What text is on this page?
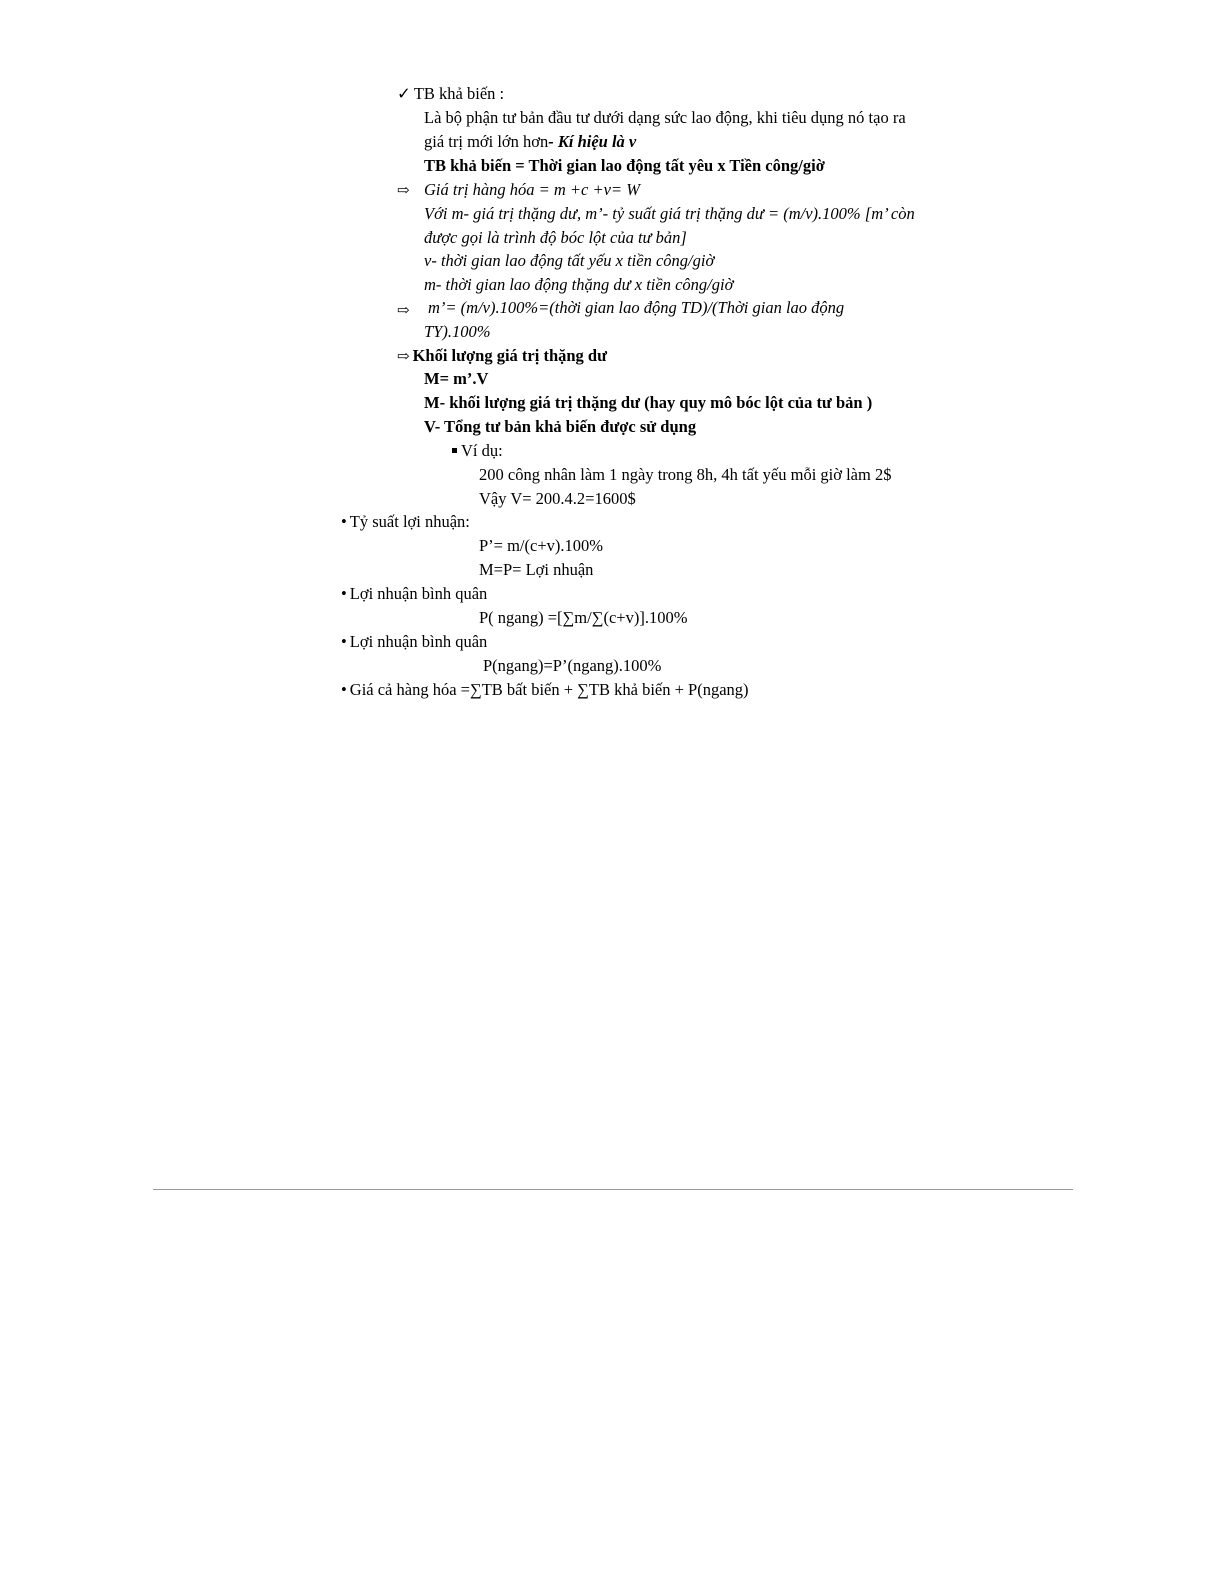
✓ TB khả biến :
Là bộ phận tư bản đầu tư dưới dạng sức lao động, khi tiêu dụng nó tạo ra
giá trị mới lớn hơn- Kí hiệu là v
TB khả biến = Thời gian lao động tất yêu x Tiền công/giờ
⇨ Giá trị hàng hóa = m +c +v= W
Với m- giá trị thặng dư, m’- tỷ suất giá trị thặng dư = (m/v).100% [m’ còn
được gọi là trình độ bóc lột của tư bản]
v- thời gian lao động tất yếu x tiền công/giờ
m- thời gian lao động thặng dư x tiền công/giờ
⇨ m’= (m/v).100%=(thời gian lao động TD)/(Thời gian lao động
TY).100%
⇨ Khối lượng giá trị thặng dư
M= m’.V
M- khối lượng giá trị thặng dư (hay quy mô bóc lột của tư bản )
V- Tổng tư bản khả biến được sử dụng
Ví dụ:
200 công nhân làm 1 ngày trong 8h, 4h tất yếu mỗi giờ làm 2$
Vậy V= 200.4.2=1600$
• Tỷ suất lợi nhuận:
P’= m/(c+v).100%
M=P= Lợi nhuận
• Lợi nhuận bình quân
P( ngang) =[∑m/∑(c+v)].100%
• Lợi nhuận bình quân
P(ngang)=P’(ngang).100%
• Giá cả hàng hóa =∑TB bất biến + ∑TB khả biến + P(ngang)
